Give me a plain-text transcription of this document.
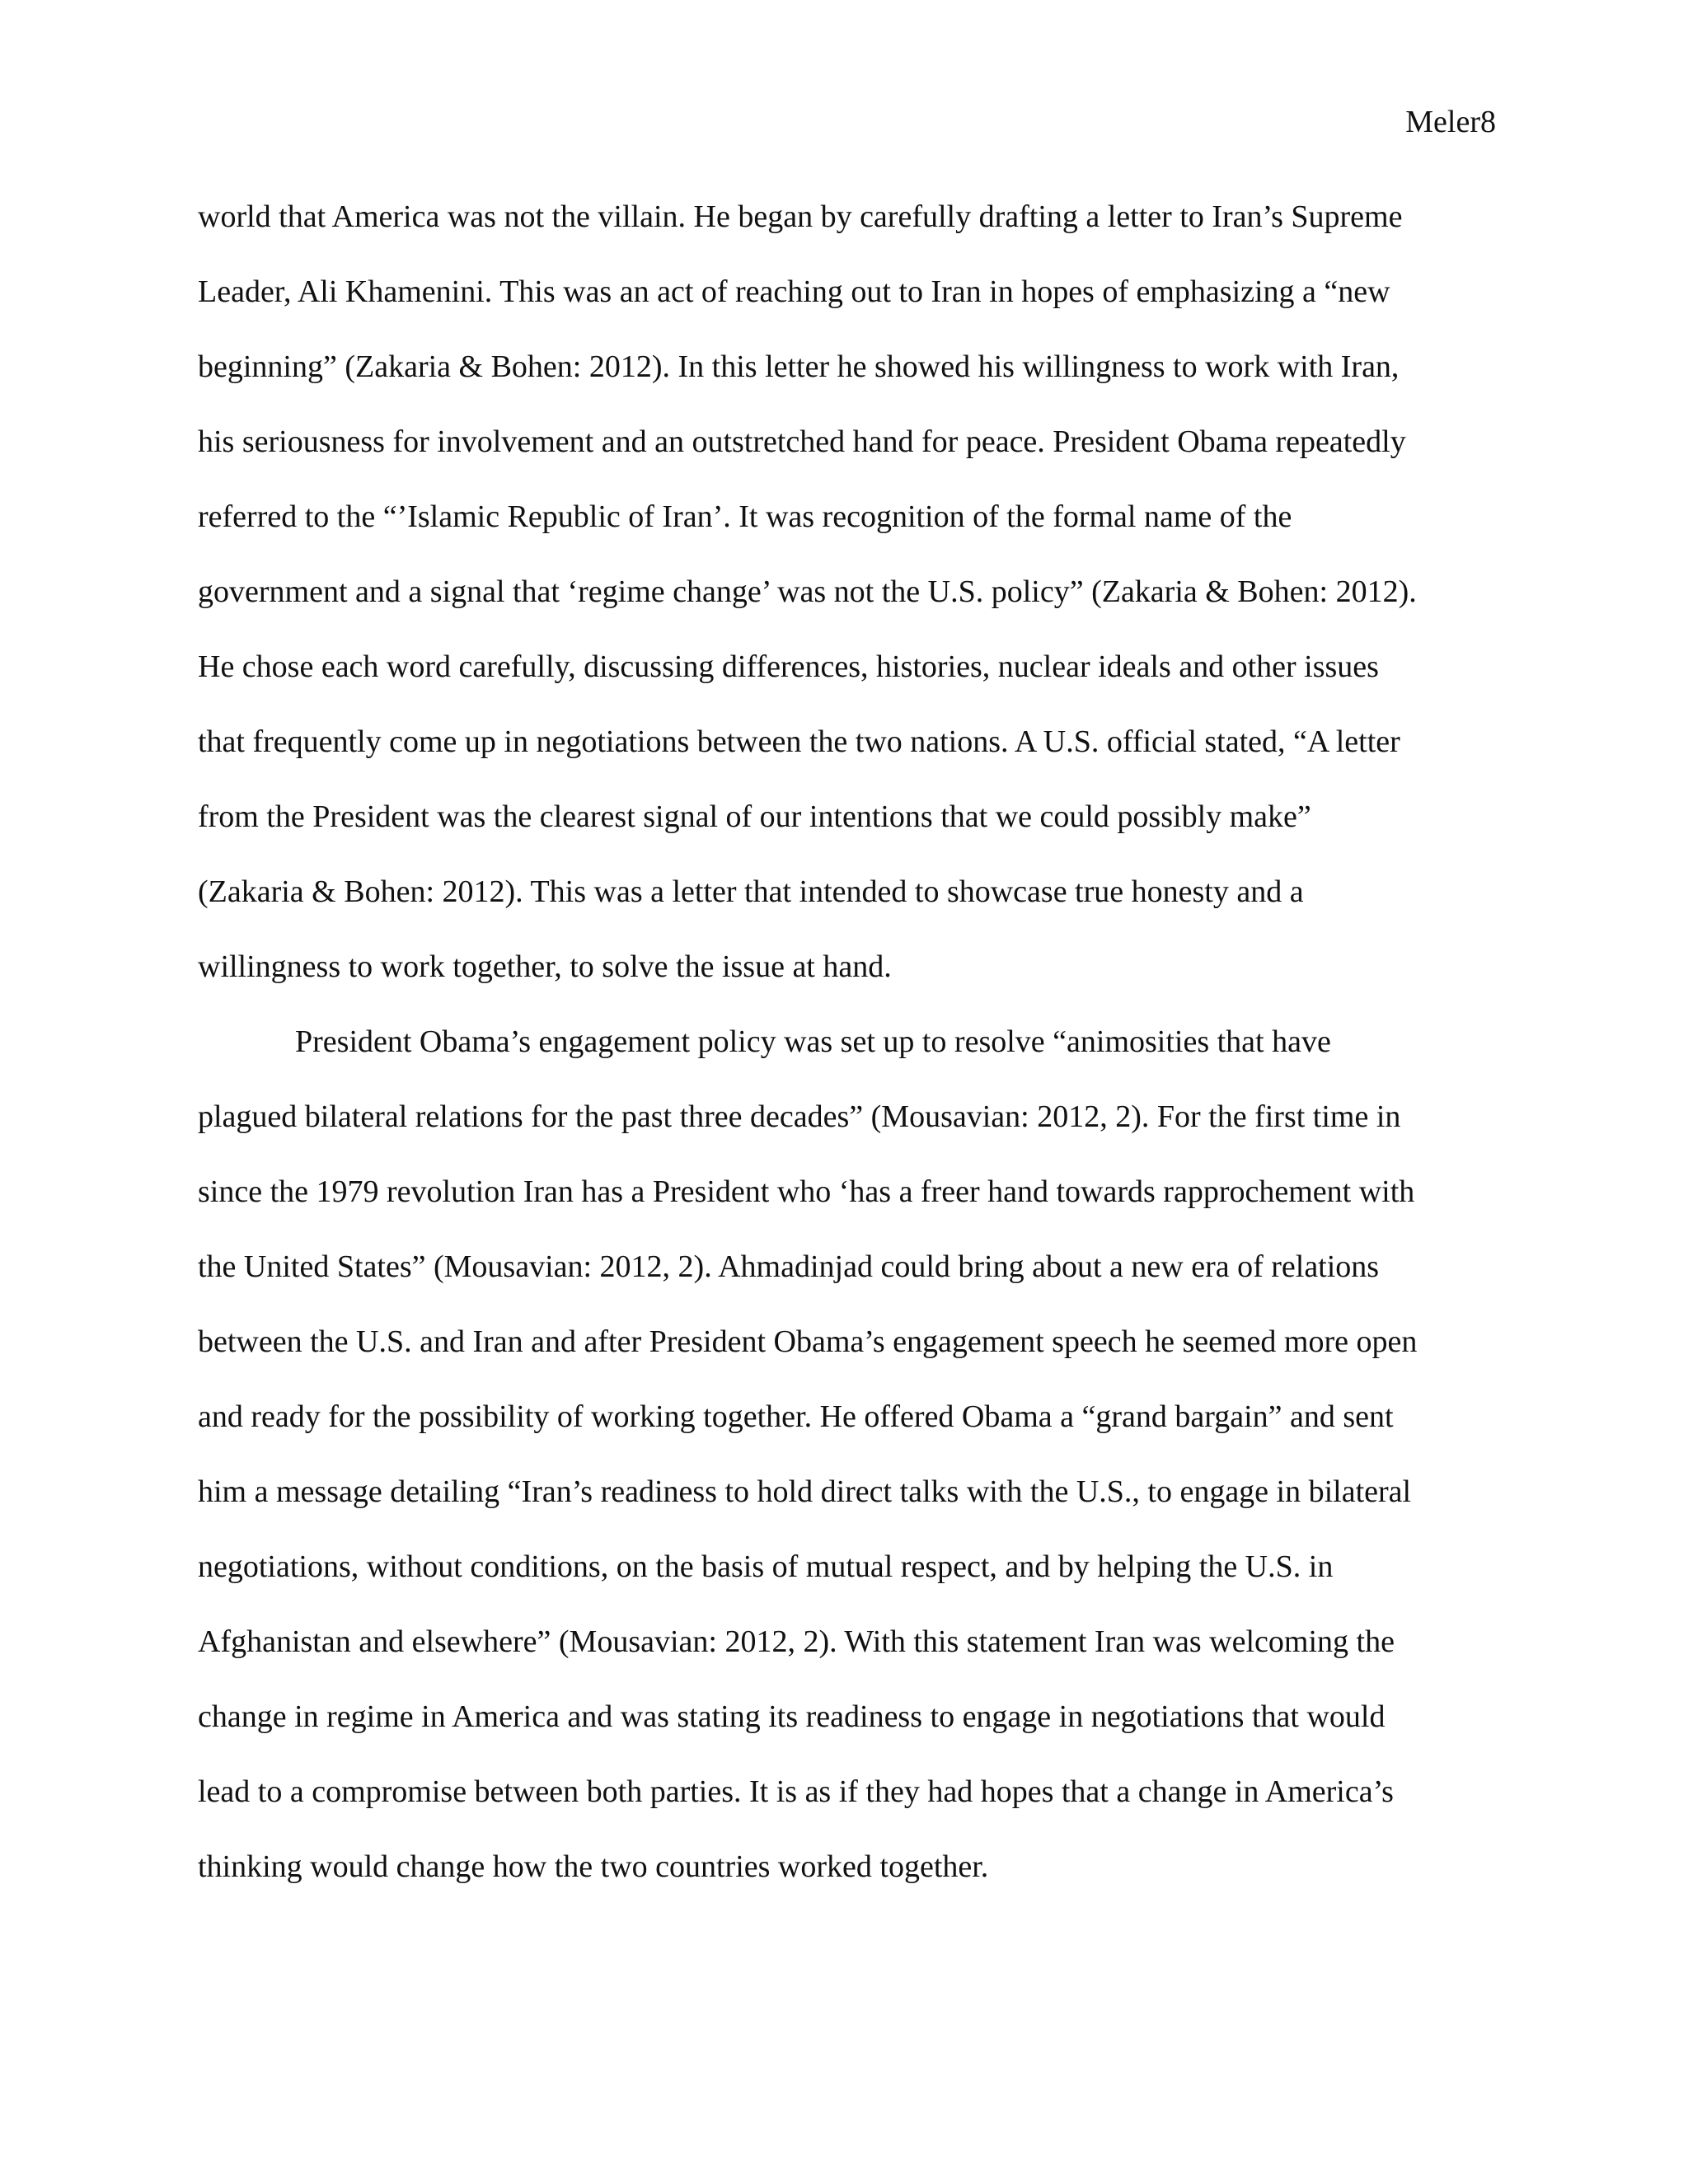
Meler8
world that America was not the villain. He began by carefully drafting a letter to Iran’s Supreme
Leader, Ali Khamenini. This was an act of reaching out to Iran in hopes of emphasizing a “new
beginning” (Zakaria & Bohen: 2012). In this letter he showed his willingness to work with Iran,
his seriousness for involvement and an outstretched hand for peace. President Obama repeatedly
referred to the “’Islamic Republic of Iran’. It was recognition of the formal name of the
government and a signal that ‘regime change’ was not the U.S. policy” (Zakaria & Bohen: 2012).
He chose each word carefully, discussing differences, histories, nuclear ideals and other issues
that frequently come up in negotiations between the two nations. A U.S. official stated, “A letter
from the President was the clearest signal of our intentions that we could possibly make”
(Zakaria & Bohen: 2012). This was a letter that intended to showcase true honesty and a
willingness to work together, to solve the issue at hand.
President Obama’s engagement policy was set up to resolve “animosities that have
plagued bilateral relations for the past three decades” (Mousavian: 2012, 2). For the first time in
since the 1979 revolution Iran has a President who ‘has a freer hand towards rapprochement with
the United States” (Mousavian: 2012, 2). Ahmadinjad could bring about a new era of relations
between the U.S. and Iran and after President Obama’s engagement speech he seemed more open
and ready for the possibility of working together. He offered Obama a “grand bargain” and sent
him a message detailing “Iran’s readiness to hold direct talks with the U.S., to engage in bilateral
negotiations, without conditions, on the basis of mutual respect, and by helping the U.S. in
Afghanistan and elsewhere” (Mousavian: 2012, 2). With this statement Iran was welcoming the
change in regime in America and was stating its readiness to engage in negotiations that would
lead to a compromise between both parties. It is as if they had hopes that a change in America’s
thinking would change how the two countries worked together.
